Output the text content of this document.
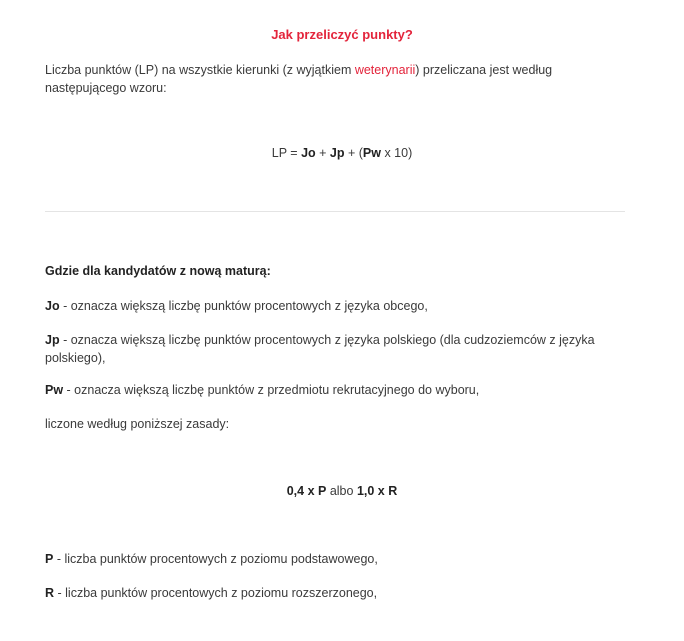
Jak przeliczyć punkty?

Liczba punktów (LP) na wszystkie kierunki (z wyjątkiem weterynarii) przeliczana jest według następującego wzoru:

LP = Jo + Jp + (Pw x 10)

Gdzie dla kandydatów z nową maturą:

Jo - oznacza większą liczbę punktów procentowych z języka obcego,

Jp - oznacza większą liczbę punktów procentowych z języka polskiego (dla cudzoziemców z języka polskiego),

Pw - oznacza większą liczbę punktów z przedmiotu rekrutacyjnego do wyboru,

liczone według poniższej zasady:

0,4 x P albo 1,0 x R

P - liczba punktów procentowych z poziomu podstawowego,

R - liczba punktów procentowych z poziomu rozszerzonego,
